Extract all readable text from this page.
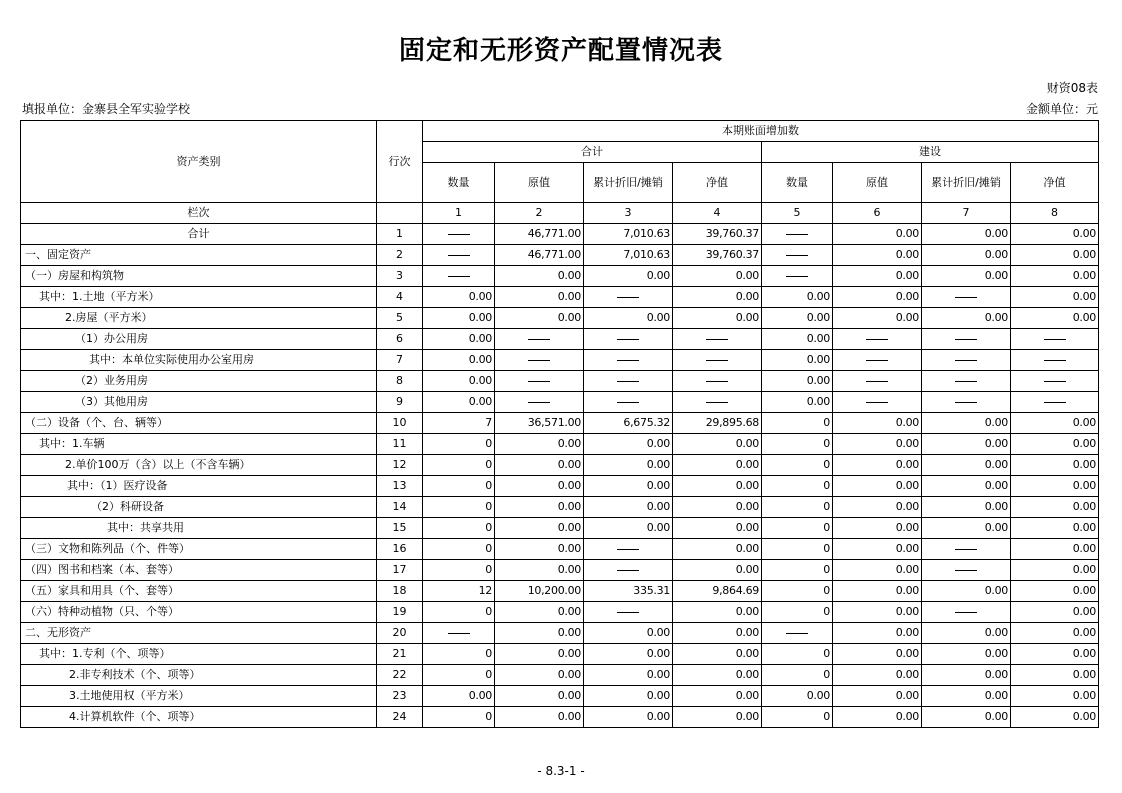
固定和无形资产配置情况表
财资08表
填报单位：金寨县全军实验学校	金额单位：元
资产类别	行次	本期账面增加数							
		合计				建设			
		数量	原值	累计折旧/摊销	净值	数量	原值	累计折旧/摊销	净值
栏次		1	2	3	4	5	6	7	8
合计	1		46,771.00	7,010.63	39,760.37		0.00	0.00	0.00
一、固定资产	2		46,771.00	7,010.63	39,760.37		0.00	0.00	0.00
（一）房屋和构筑物	3		0.00	0.00	0.00		0.00	0.00	0.00
其中：1.土地（平方米）	4	0.00	0.00		0.00	0.00	0.00		0.00
2.房屋（平方米）	5	0.00	0.00	0.00	0.00	0.00	0.00	0.00	0.00
（1）办公用房	6	0.00				0.00			
其中：本单位实际使用办公室用房	7	0.00				0.00			
（2）业务用房	8	0.00				0.00			
（3）其他用房	9	0.00				0.00			
（二）设备（个、台、辆等）	10	7	36,571.00	6,675.32	29,895.68	0	0.00	0.00	0.00
其中：1.车辆	11	0	0.00	0.00	0.00	0	0.00	0.00	0.00
2.单价100万（含）以上（不含车辆）	12	0	0.00	0.00	0.00	0	0.00	0.00	0.00
其中：（1）医疗设备	13	0	0.00	0.00	0.00	0	0.00	0.00	0.00
（2）科研设备	14	0	0.00	0.00	0.00	0	0.00	0.00	0.00
其中：共享共用	15	0	0.00	0.00	0.00	0	0.00	0.00	0.00
（三）文物和陈列品（个、件等）	16	0	0.00		0.00	0	0.00		0.00
（四）图书和档案（本、套等）	17	0	0.00		0.00	0	0.00		0.00
（五）家具和用具（个、套等）	18	12	10,200.00	335.31	9,864.69	0	0.00	0.00	0.00
（六）特种动植物（只、个等）	19	0	0.00		0.00	0	0.00		0.00
二、无形资产	20		0.00	0.00	0.00		0.00	0.00	0.00
其中：1.专利（个、项等）	21	0	0.00	0.00	0.00	0	0.00	0.00	0.00
2.非专利技术（个、项等）	22	0	0.00	0.00	0.00	0	0.00	0.00	0.00
3.土地使用权（平方米）	23	0.00	0.00	0.00	0.00	0.00	0.00	0.00	0.00
4.计算机软件（个、项等）	24	0	0.00	0.00	0.00	0	0.00	0.00	0.00
- 8.3-1 -
